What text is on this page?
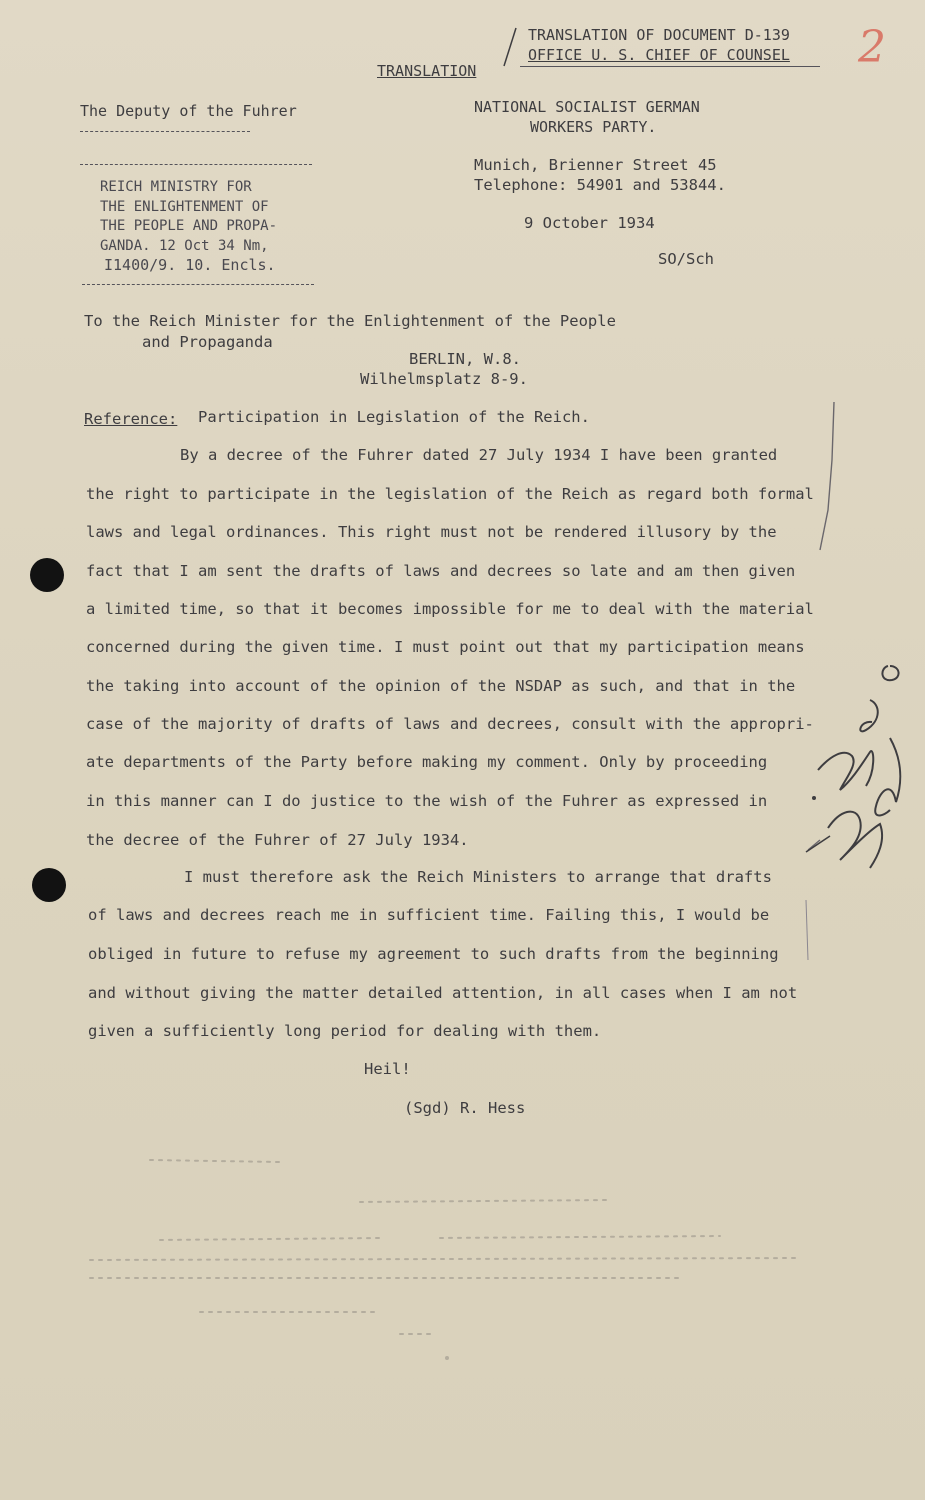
TRANSLATION OF DOCUMENT D-139
OFFICE U. S. CHIEF OF COUNSEL 2
TRANSLATION
The Deputy of the Fuhrer	NATIONAL SOCIALIST GERMAN
WORKERS PARTY.
REICH MINISTRY FOR
THE ENLIGHTENMENT OF
THE PEOPLE AND PROPA-
GANDA. 12 Oct 34 Nm,
I1400/9. 10. Encls.
Munich, Brienner Street 45
Telephone: 54901 and 53844.
9 October 1934
SO/Sch
To the Reich Minister for the Enlightenment of the People
and Propaganda
BERLIN, W.8.
Wilhelmsplatz 8-9.
Reference: Participation in Legislation of the Reich.
By a decree of the Fuhrer dated 27 July 1934 I have been granted
the right to participate in the legislation of the Reich as regard both formal
laws and legal ordinances. This right must not be rendered illusory by the
fact that I am sent the drafts of laws and decrees so late and am then given
a limited time, so that it becomes impossible for me to deal with the material
concerned during the given time. I must point out that my participation means
the taking into account of the opinion of the NSDAP as such, and that in the
case of the majority of drafts of laws and decrees, consult with the appropri-
ate departments of the Party before making my comment. Only by proceeding
in this manner can I do justice to the wish of the Fuhrer as expressed in
the decree of the Fuhrer of 27 July 1934.
I must therefore ask the Reich Ministers to arrange that drafts
of laws and decrees reach me in sufficient time. Failing this, I would be
obliged in future to refuse my agreement to such drafts from the beginning
and without giving the matter detailed attention, in all cases when I am not
given a sufficiently long period for dealing with them.
Heil!
(Sgd) R. Hess
